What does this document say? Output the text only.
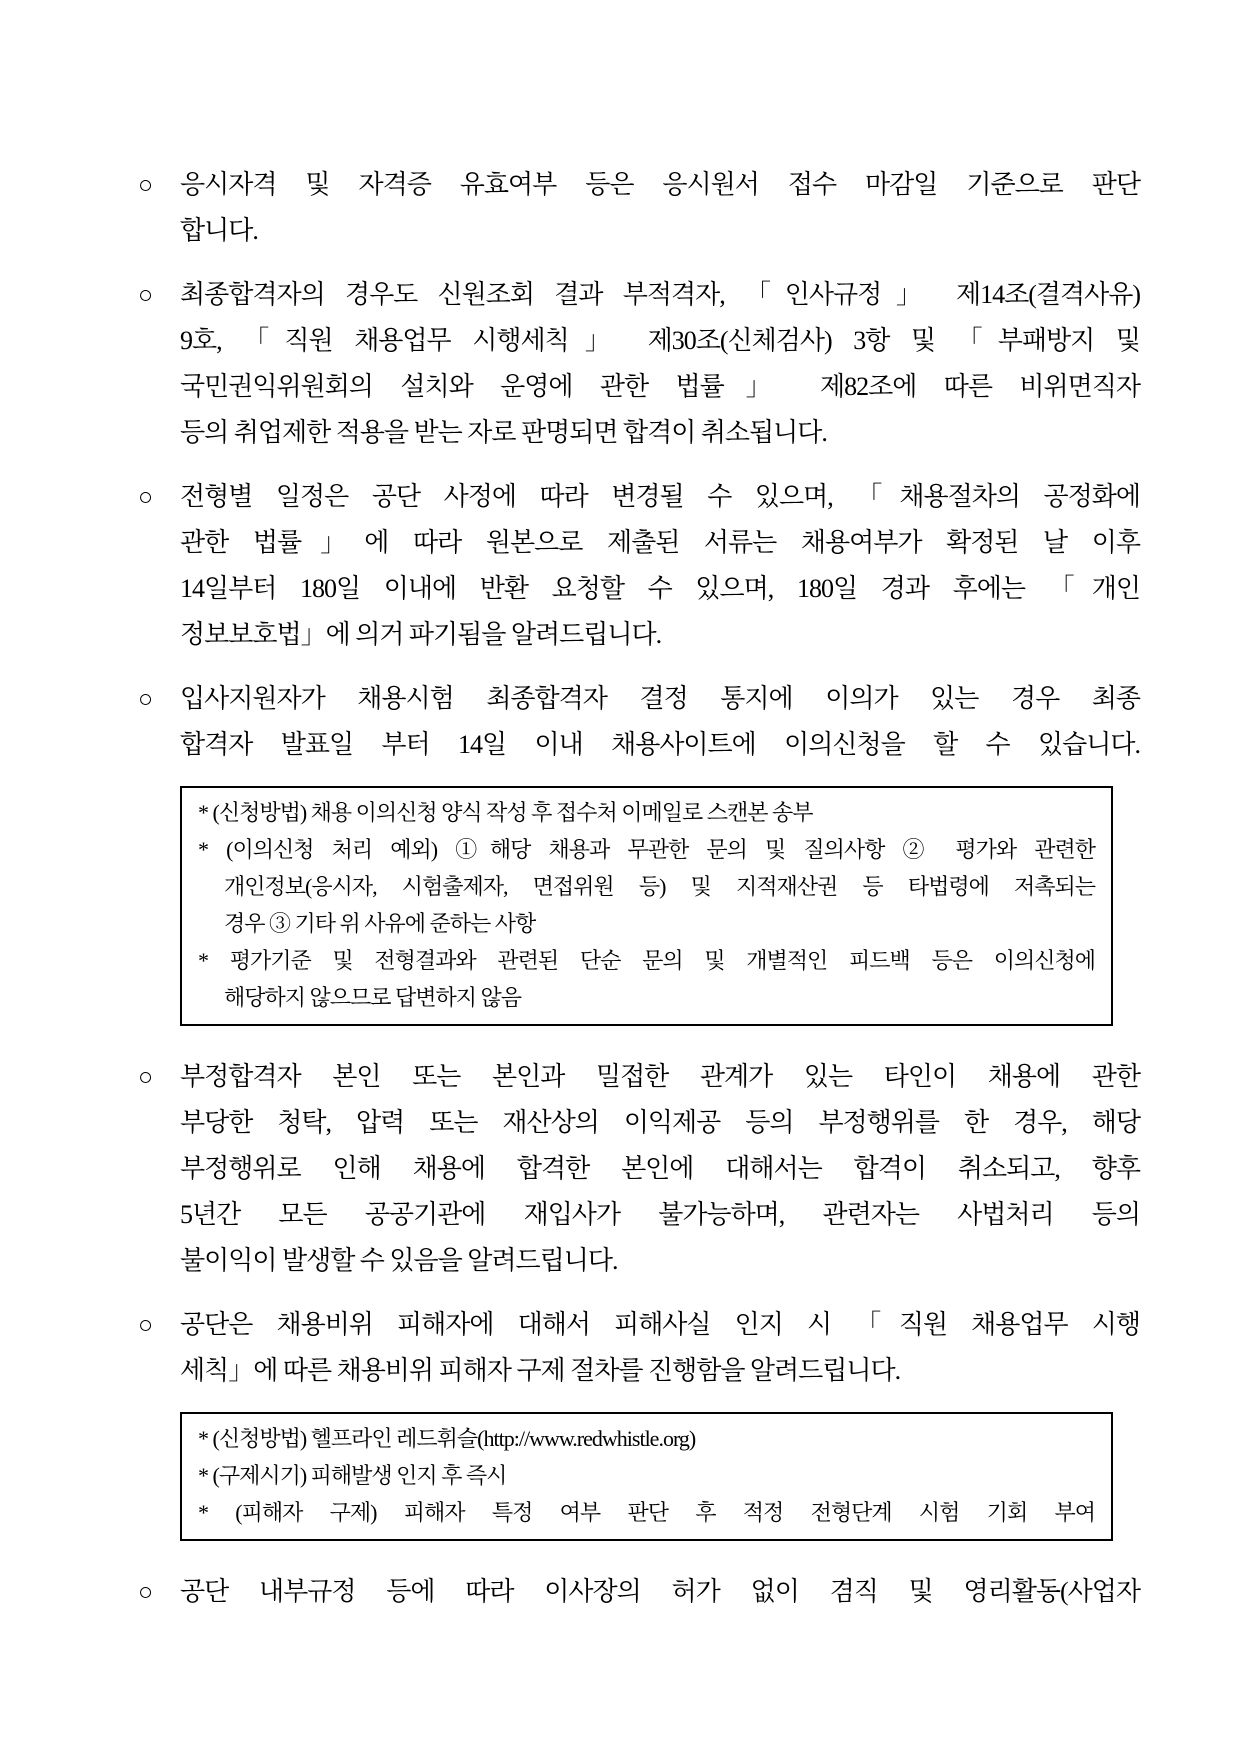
○ 응시자격 및 자격증 유효여부 등은 응시원서 접수 마감일 기준으로 판단
합니다.
○ 최종합격자의 경우도 신원조회 결과 부적격자, 「인사규정」 제14조(결격사유)
9호, 「직원 채용업무 시행세칙」 제30조(신체검사) 3항 및 「부패방지 및
국민권익위원회의 설치와 운영에 관한 법률」 제82조에 따른 비위면직자
등의 취업제한 적용을 받는 자로 판명되면 합격이 취소됩니다.
○ 전형별 일정은 공단 사정에 따라 변경될 수 있으며, 「채용절차의 공정화에
관한 법률」에 따라 원본으로 제출된 서류는 채용여부가 확정된 날 이후
14일부터 180일 이내에 반환 요청할 수 있으며, 180일 경과 후에는 「개인
정보보호법」에 의거 파기됨을 알려드립니다.
○ 입사지원자가 채용시험 최종합격자 결정 통지에 이의가 있는 경우 최종
합격자 발표일 부터 14일 이내 채용사이트에 이의신청을 할 수 있습니다.
* (신청방법) 채용 이의신청 양식 작성 후 접수처 이메일로 스캔본 송부
* (이의신청 처리 예외) ①해당 채용과 무관한 문의 및 질의사항 ② 평가와 관련한
개인정보(응시자, 시험출제자, 면접위원 등) 및 지적재산권 등 타법령에 저촉되는
경우 ③ 기타 위 사유에 준하는 사항
* 평가기준 및 전형결과와 관련된 단순 문의 및 개별적인 피드백 등은 이의신청에
해당하지 않으므로 답변하지 않음
○ 부정합격자 본인 또는 본인과 밀접한 관계가 있는 타인이 채용에 관한
부당한 청탁, 압력 또는 재산상의 이익제공 등의 부정행위를 한 경우, 해당
부정행위로 인해 채용에 합격한 본인에 대해서는 합격이 취소되고, 향후
5년간 모든 공공기관에 재입사가 불가능하며, 관련자는 사법처리 등의
불이익이 발생할 수 있음을 알려드립니다.
○ 공단은 채용비위 피해자에 대해서 피해사실 인지 시 「직원 채용업무 시행
세칙」에 따른 채용비위 피해자 구제 절차를 진행함을 알려드립니다.
* (신청방법) 헬프라인 레드휘슬(http://www.redwhistle.org)
* (구제시기) 피해발생 인지 후 즉시
* (피해자 구제) 피해자 특정 여부 판단 후 적정 전형단계 시험 기회 부여
○ 공단 내부규정 등에 따라 이사장의 허가 없이 겸직 및 영리활동(사업자
